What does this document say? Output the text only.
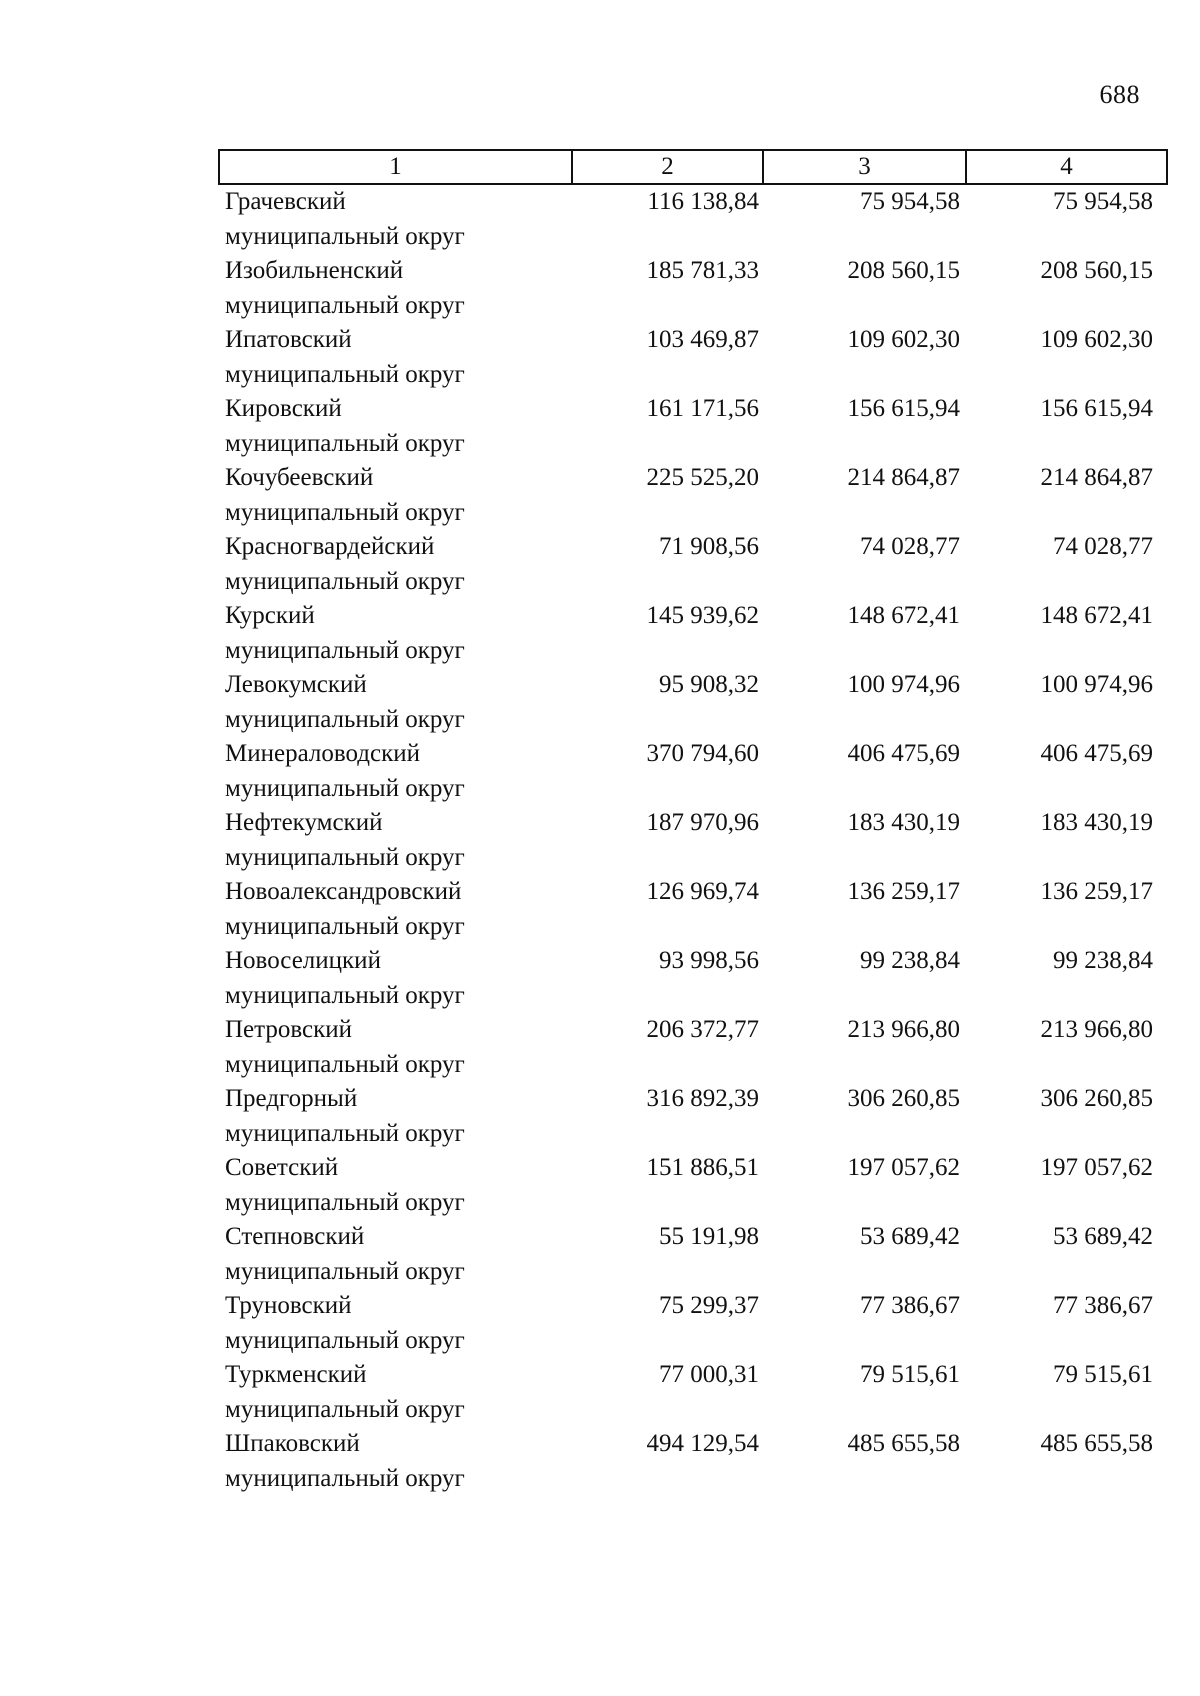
688
1	2	3	4

Грачевский
муниципальный округ	116 138,84	75 954,58	75 954,58

Изобильненский
муниципальный округ	185 781,33	208 560,15	208 560,15

Ипатовский
муниципальный округ	103 469,87	109 602,30	109 602,30

Кировский
муниципальный округ	161 171,56	156 615,94	156 615,94

Кочубеевский
муниципальный округ	225 525,20	214 864,87	214 864,87

Красногвардейский
муниципальный округ	71 908,56	74 028,77	74 028,77

Курский
муниципальный округ	145 939,62	148 672,41	148 672,41

Левокумский
муниципальный округ	95 908,32	100 974,96	100 974,96

Минераловодский
муниципальный округ	370 794,60	406 475,69	406 475,69

Нефтекумский
муниципальный округ	187 970,96	183 430,19	183 430,19

Новоалександровский
муниципальный округ	126 969,74	136 259,17	136 259,17

Новоселицкий
муниципальный округ	93 998,56	99 238,84	99 238,84

Петровский
муниципальный округ	206 372,77	213 966,80	213 966,80

Предгорный
муниципальный округ	316 892,39	306 260,85	306 260,85

Советский
муниципальный округ	151 886,51	197 057,62	197 057,62

Степновский
муниципальный округ	55 191,98	53 689,42	53 689,42

Труновский
муниципальный округ	75 299,37	77 386,67	77 386,67

Туркменский
муниципальный округ	77 000,31	79 515,61	79 515,61

Шпаковский
муниципальный округ	494 129,54	485 655,58	485 655,58
